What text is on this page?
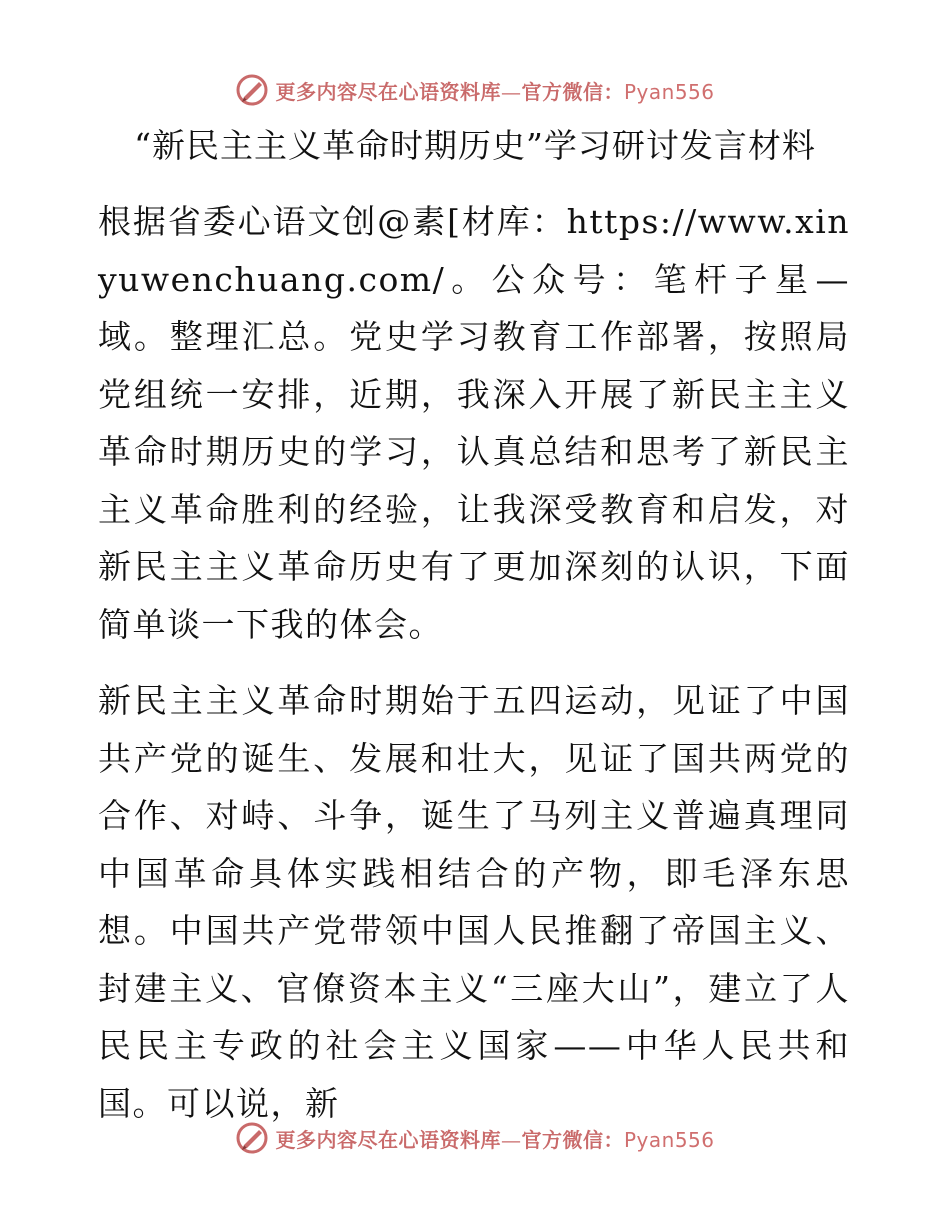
更多内容尽在心语资料库—官方微信：Pyan556
“新民主主义革命时期历史”学习研讨发言材料

根据省委心语文创@素[材库：https://www.xinyuwenchuang.com/。公众号：笔杆子星—域。整理汇总。党史学习教育工作部署，按照局党组统一安排，近期，我深入开展了新民主主义革命时期历史的学习，认真总结和思考了新民主主义革命胜利的经验，让我深受教育和启发，对新民主主义革命历史有了更加深刻的认识，下面简单谈一下我的体会。

新民主主义革命时期始于五四运动，见证了中国共产党的诞生、发展和壮大，见证了国共两党的合作、对峙、斗争，诞生了马列主义普遍真理同中国革命具体实践相结合的产物，即毛泽东思想。中国共产党带领中国人民推翻了帝国主义、封建主义、官僚资本主义“三座大山”，建立了人民民主专政的社会主义国家——中华人民共和国。可以说，新

更多内容尽在心语资料库—官方微信：Pyan556
